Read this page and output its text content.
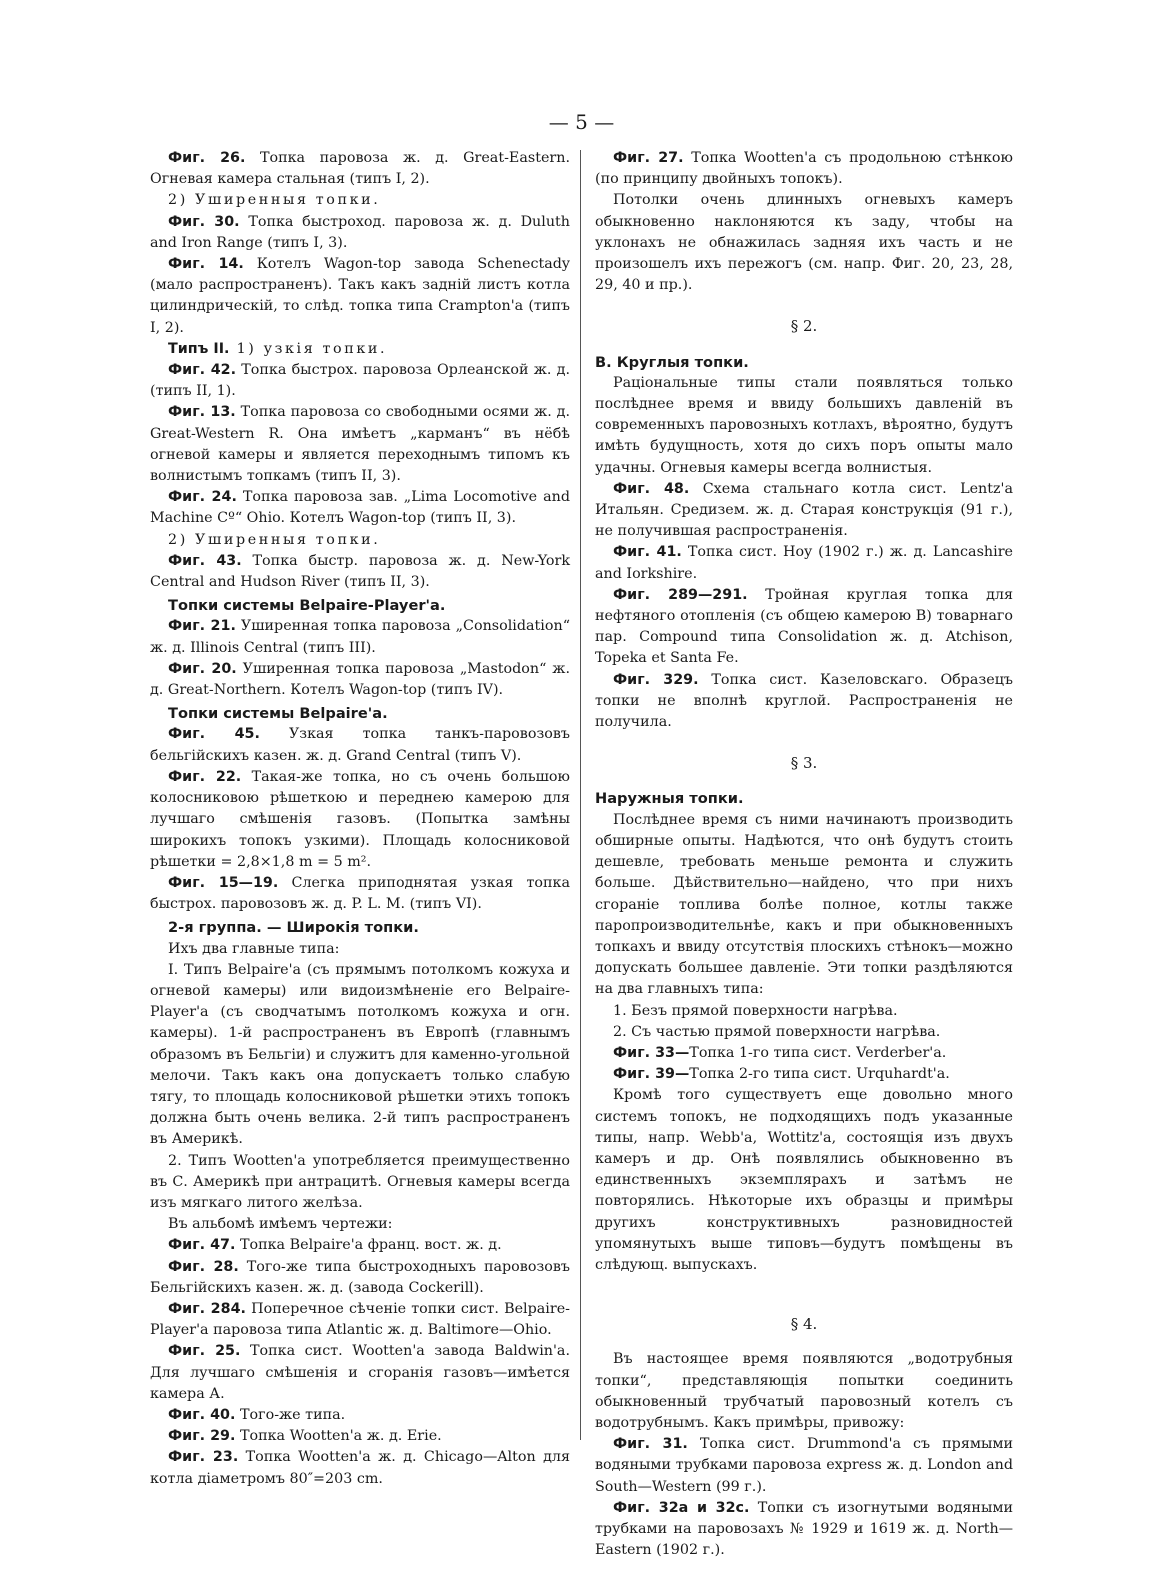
— 5 —

Фиг. 26. Топка паровоза ж. д. Great-Eastern. Огневая камера стальная (типъ I, 2).

2) Уширенныя топки.

Фиг. 30. Топка быстроход. паровоза ж. д. Duluth and Iron Range (типъ I, 3).

Фиг. 14. Котелъ Wagon-top завода Schenectady (мало распространенъ). Такъ какъ заднiй листъ котла цилиндрическiй, то слѣд. топка типа Crampton'а (типъ I, 2).

Типъ II. 1) узкiя топки.

Фиг. 42. Топка быстрох. паровоза Орлеанской ж. д. (типъ II, 1).

Фиг. 13. Топка паровоза со свободными осями ж. д. Great-Western R. Она имѣетъ „карманъ“ въ нёбѣ огневой камеры и является переходнымъ типомъ къ волнистымъ топкамъ (типъ II, 3).

Фиг. 24. Топка паровоза зав. „Lima Locomotive and Machine Cº“ Ohio. Котелъ Wagon-top (типъ II, 3).

2) Уширенныя топки.

Фиг. 43. Топка быстр. паровоза ж. д. New-York Central and Hudson River (типъ II, 3).

Топки системы Belpaire-Player'а.

Фиг. 21. Уширенная топка паровоза „Consolidation“ ж. д. Illinois Central (типъ III).

Фиг. 20. Уширенная топка паровоза „Mastodon“ ж. д. Great-Northern. Котелъ Wagon-top (типъ IV).

Топки системы Belpaire'а.

Фиг. 45. Узкая топка танкъ-паровозовъ бельгiйскихъ казен. ж. д. Grand Central (типъ V).

Фиг. 22. Такая-же топка, но съ очень большою колосниковою рѣшеткою и переднею камерою для лучшаго смѣшенiя газовъ. (Попытка замѣны широкихъ топокъ узкими). Площадь колосниковой рѣшетки = 2,8×1,8 m = 5 m².

Фиг. 15—19. Слегка приподнятая узкая топка быстрох. паровозовъ ж. д. P. L. M. (типъ VI).

2-я группа. — Широкiя топки.

Ихъ два главные типа:

I. Типъ Belpaire'а (съ прямымъ потолкомъ кожуха и огневой камеры) или видоизмѣненiе его Belpaire-Player'а (съ сводчатымъ потолкомъ кожуха и огн. камеры). 1-й распространенъ въ Европѣ (главнымъ образомъ въ Бельгiи) и служитъ для каменно-угольной мелочи. Такъ какъ она допускаетъ только слабую тягу, то площадь колосниковой рѣшетки этихъ топокъ должна быть очень велика. 2-й типъ распространенъ въ Америкѣ.

2. Типъ Wootten'а употребляется преимущественно въ С. Америкѣ при антрацитѣ. Огневыя камеры всегда изъ мягкаго литого желѣза.

Въ альбомѣ имѣемъ чертежи:

Фиг. 47. Топка Belpaire'а франц. вост. ж. д.

Фиг. 28. Того-же типа быстроходныхъ паровозовъ Бельгiйскихъ казен. ж. д. (завода Cockerill).

Фиг. 284. Поперечное сѣченiе топки сист. Belpaire-Player'а паровоза типа Atlantic ж. д. Baltimore—Ohio.

Фиг. 25. Топка сист. Wootten'а завода Baldwin'а. Для лучшаго смѣшенiя и сгоранiя газовъ—имѣется камера А.

Фиг. 40. Того-же типа.

Фиг. 29. Топка Wootten'а ж. д. Erie.

Фиг. 23. Топка Wootten'а ж. д. Chicago—Alton для котла дiаметромъ 80″=203 cm.

Фиг. 27. Топка Wootten'а съ продольною стѣнкою (по принципу двойныхъ топокъ).

Потолки очень длинныхъ огневыхъ камеръ обыкновенно наклоняются къ заду, чтобы на уклонахъ не обнажилась задняя ихъ часть и не произошелъ ихъ пережогъ (см. напр. Фиг. 20, 23, 28, 29, 40 и пр.).

§ 2.

В. Круглыя топки.

Рацiональные типы стали появляться только послѣднее время и ввиду большихъ давленiй въ современныхъ паровозныхъ котлахъ, вѣроятно, будутъ имѣть будущность, хотя до сихъ поръ опыты мало удачны. Огневыя камеры всегда волнистыя.

Фиг. 48. Схема стальнаго котла сист. Lentz'а Итальян. Средизем. ж. д. Старая конструкцiя (91 г.), не получившая распространенiя.

Фиг. 41. Топка сист. Hoy (1902 г.) ж. д. Lancashire and Iorkshire.

Фиг. 289—291. Тройная круглая топка для нефтяного отопленiя (съ общею камерою В) товарнаго пар. Compound типа Consolidation ж. д. Atchison, Topeka et Santa Fe.

Фиг. 329. Топка сист. Казеловскаго. Образецъ топки не вполнѣ круглой. Распространенiя не получила.

§ 3.

Наружныя топки.

Послѣднее время съ ними начинаютъ производить обширные опыты. Надѣются, что онѣ будутъ стоить дешевле, требовать меньше ремонта и служить больше. Дѣйствительно—найдено, что при нихъ сгоранiе топлива болѣе полное, котлы также паропроизводительнѣе, какъ и при обыкновенныхъ топкахъ и ввиду отсутствiя плоскихъ стѣнокъ—можно допускать большее давленiе. Эти топки раздѣляются на два главныхъ типа:

1. Безъ прямой поверхности нагрѣва.

2. Съ частью прямой поверхности нагрѣва.

Фиг. 33—Топка 1-го типа сист. Verderber'а.

Фиг. 39—Топка 2-го типа сист. Urquhardt'а.

Кромѣ того существуетъ еще довольно много системъ топокъ, не подходящихъ подъ указанные типы, напр. Webb'а, Wottitz'а, состоящiя изъ двухъ камеръ и др. Онѣ появлялись обыкновенно въ единственныхъ экземплярахъ и затѣмъ не повторялись. Нѣкоторые ихъ образцы и примѣры другихъ конструктивныхъ разновидностей упомянутыхъ выше типовъ—будутъ помѣщены въ слѣдующ. выпускахъ.

§ 4.

Въ настоящее время появляются „водотрубныя топки“, представляющiя попытки соединить обыкновенный трубчатый паровозный котелъ съ водотрубнымъ. Какъ примѣры, привожу:

Фиг. 31. Топка сист. Drummond'а съ прямыми водяными трубками паровоза express ж. д. London and South—Western (99 г.).

Фиг. 32a и 32c. Топки съ изогнутыми водяными трубками на паровозахъ № 1929 и 1619 ж. д. North—Eastern (1902 г.).
